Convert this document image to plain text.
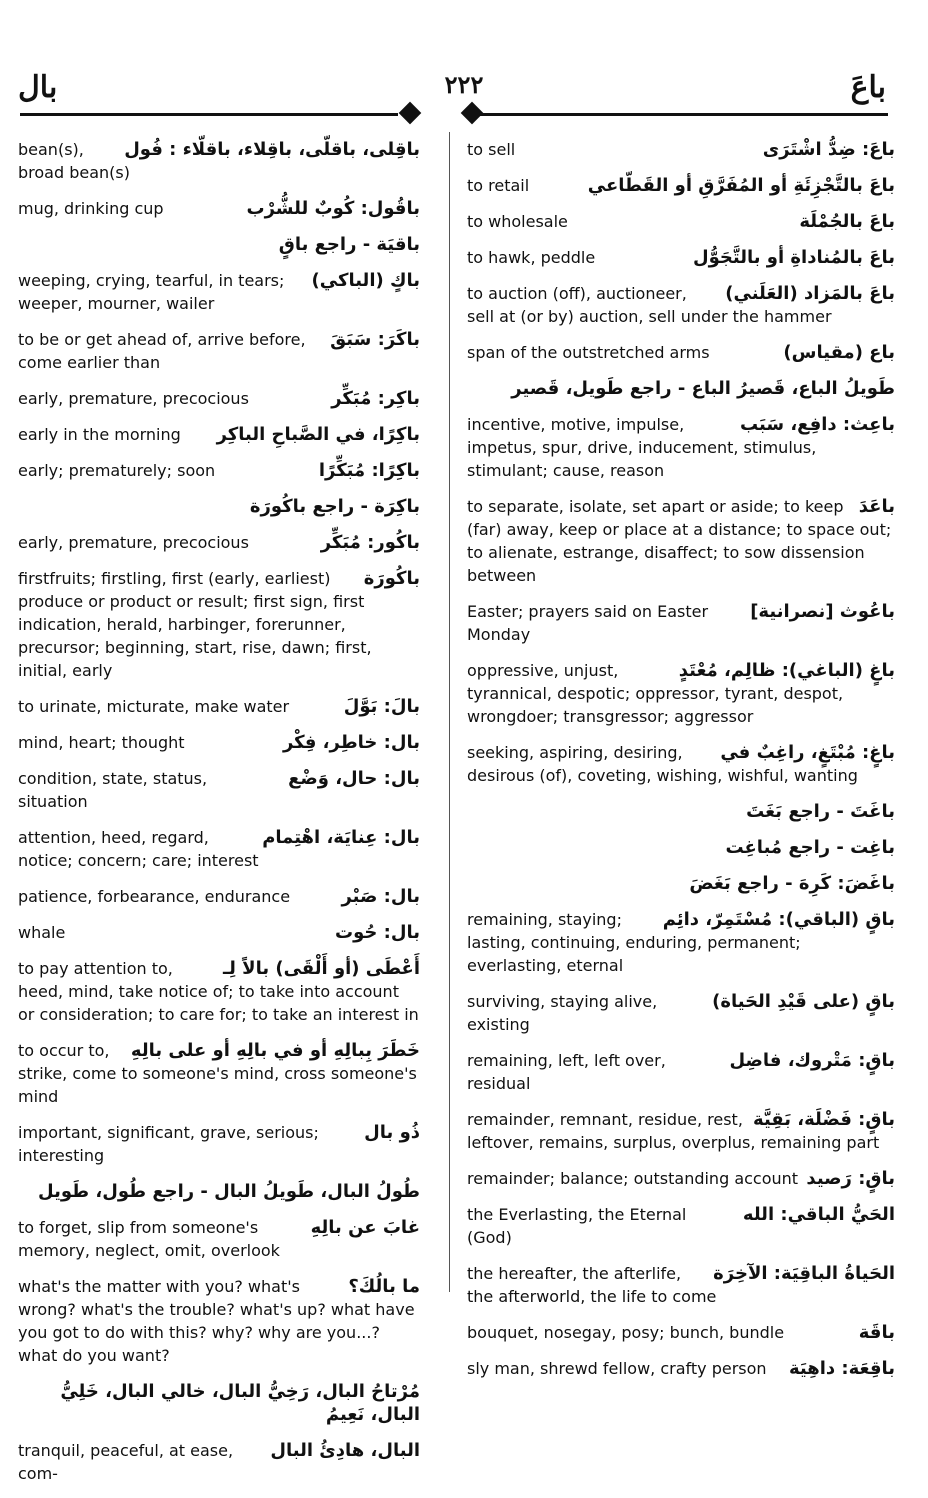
بال	٢٢٢	باعَ
باقِلى، باقلّى، باقِلاء، باقلّاء : فُول
bean(s), broad bean(s)
باقُول: كُوبٌ للشُّرْب
mug, drinking cup
باقيَة - راجع باقٍ
باكٍ (الباكي)
weeping, crying, tearful, in tears; weeper, mourner, wailer
باكَرَ: سَبَقَ
to be or get ahead of, arrive before, come earlier than
باكِر: مُبَكِّر
early, premature, precocious
باكِرًا، في الصَّباحِ الباكِر
early in the morning
باكِرًا: مُبَكِّرًا
early; prematurely; soon
باكِرَة - راجع باكُورَة
باكُور: مُبَكِّر
early, premature, precocious
باكُورَة
firstfruits; firstling, first (early, earliest) produce or product or result; first sign, first indication, herald, harbinger, forerunner, precursor; beginning, start, rise, dawn; first, initial, early
بالَ: بَوَّلَ
to urinate, micturate, make water
بال: خاطِر، فِكْر
mind, heart; thought
بال: حال، وَضْع
condition, state, status, situation
بال: عِنايَة، اهْتِمام
attention, heed, regard, notice; concern; care; interest
بال: صَبْر
patience, forbearance, endurance
بال: حُوت
whale
أَعْطَى (أو أَلْقَى) بالاً لِـ
to pay attention to, heed, mind, take notice of; to take into account or consideration; to care for; to take an interest in
خَطَرَ بِبالِهِ أو في بالِهِ أو على بالِهِ
to occur to, strike, come to someone's mind, cross someone's mind
ذُو بال
important, significant, grave, serious; interesting
طُولُ البال، طَويلُ البال - راجع طُول، طَويل
غابَ عن بالِهِ
to forget, slip from someone's memory, neglect, omit, overlook
ما بالُكَ؟
what's the matter with you? what's wrong? what's the trouble? what's up? what have you got to do with this? why? why are you...? what do you want?
مُرْتاحُ البال، رَخِيُّ البال، خالي البال، خَلِيُّ البال، نَعِيمُ
البال، هادِئُ البال
tranquil, peaceful, at ease, com-
باعَ: ضِدُّ اشْتَرَى
to sell
باعَ بالتَّجْزِئَةِ أو المُفَرَّقِ أو القَطّاعي
to retail
باعَ بالجُمْلَة
to wholesale
باعَ بالمُناداةِ أو بالتَّجَوُّل
to hawk, peddle
باعَ بالمَزاد (العَلَني)
to auction (off), auctioneer, sell at (or by) auction, sell under the hammer
باع (مقياس)
span of the outstretched arms
طَويلُ الباع، قَصيرُ الباع - راجع طَويل، قَصير
باعِث: دافِع، سَبَب
incentive, motive, impulse, impetus, spur, drive, inducement, stimulus, stimulant; cause, reason
باعَدَ
to separate, isolate, set apart or aside; to keep (far) away, keep or place at a distance; to space out; to alienate, estrange, disaffect; to sow dissension between
باعُوث [نصرانية]
Easter; prayers said on Easter Monday
باغٍ (الباغي): ظالِم، مُعْتَدٍ
oppressive, unjust, tyrannical, despotic; oppressor, tyrant, despot, wrongdoer; transgressor; aggressor
باغٍ: مُبْتَغٍ، راغِبٌ في
seeking, aspiring, desiring, desirous (of), coveting, wishing, wishful, wanting
باغَتَ - راجع بَغَتَ
باغِت - راجع مُباغِت
باغَضَ: كَرِهَ - راجع بَغَضَ
باقٍ (الباقي): مُسْتَمِرّ، دائِم
remaining, staying; lasting, continuing, enduring, permanent; everlasting, eternal
باقٍ (على قَيْدِ الحَياة)
surviving, staying alive, existing
باقٍ: مَتْروك، فاضِل
remaining, left, left over, residual
باقٍ: فَضْلَة، بَقِيَّة
remainder, remnant, residue, rest, leftover, remains, surplus, overplus, remaining part
باقٍ: رَصيد
remainder; balance; outstanding account
الحَيُّ الباقي: الله
the Everlasting, the Eternal (God)
الحَياةُ الباقِيَة: الآخِرَة
the hereafter, the afterlife, the afterworld, the life to come
باقَة
bouquet, nosegay, posy; bunch, bundle
باقِعَة: داهِيَة
sly man, shrewd fellow, crafty person
